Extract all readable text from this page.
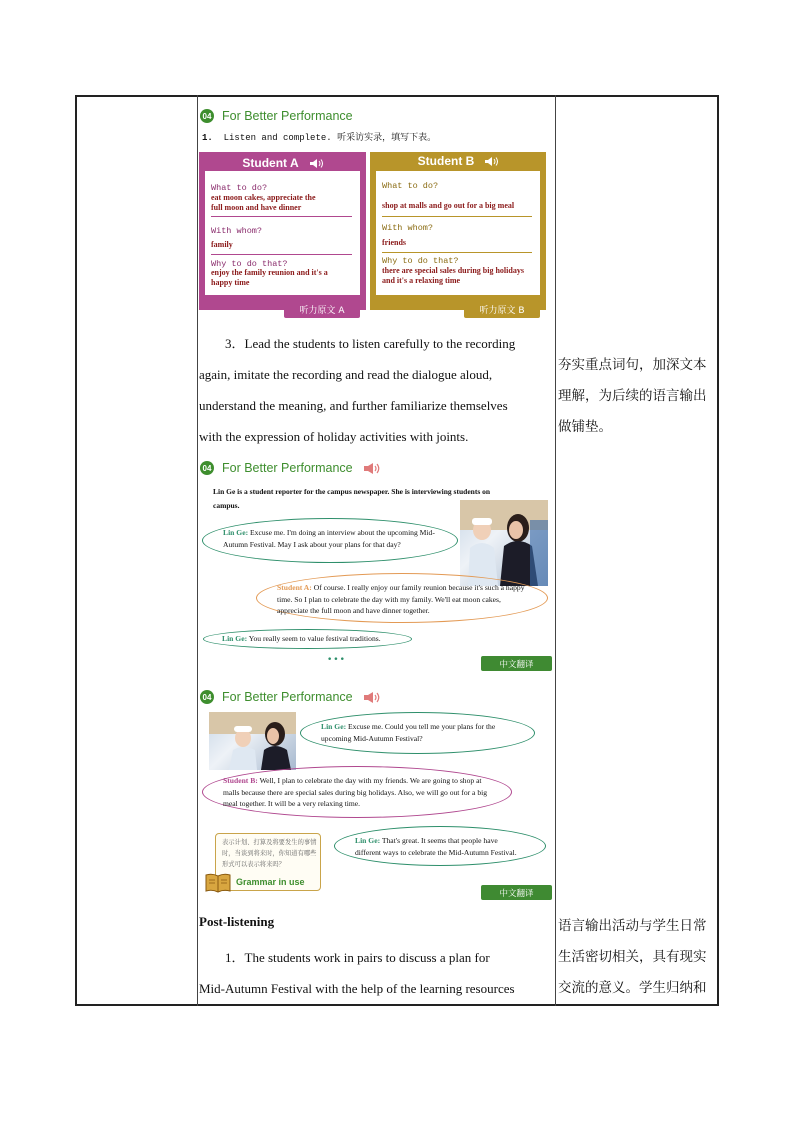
04 For Better Performance
1. Listen and complete. 听采访实录，填写下表。
Student A
What to do?
eat moon cakes, appreciate the
full moon and have dinner
With whom?
family
Why to do that?
enjoy the family reunion and it's a
happy time
听力原文 A
Student B
What to do?
shop at malls and go out for a big meal
With whom?
friends
Why to do that?
there are special sales during big holidays
and it's a relaxing time
听力原文 B
3．Lead the students to listen carefully to the recording
again, imitate the recording and read the dialogue aloud,
understand the meaning, and further familiarize themselves
with the expression of holiday activities with joints.
夯实重点词句，加深文本
理解，为后续的语言输出
做铺垫。
04 For Better Performance
Lin Ge is a student reporter for the campus newspaper. She is interviewing students on
campus.
Lin Ge: Excuse me. I'm doing an interview about the upcoming Mid-Autumn Festival. May I ask about your plans for that day?
Student A: Of course. I really enjoy our family reunion because it's such a happy time. So I plan to celebrate the day with my family. We'll eat moon cakes, appreciate the full moon and have dinner together.
Lin Ge: You really seem to value festival traditions.
•••	中文翻译
04 For Better Performance
Lin Ge: Excuse me. Could you tell me your plans for the upcoming Mid-Autumn Festival?
Student B: Well, I plan to celebrate the day with my friends. We are going to shop at malls because there are special sales during big holidays. Also, we will go out for a big meal together. It will be a very relaxing time.
表示计划、打算及将要发生的事情时，当谈到将来时，你知道有哪些形式可以表示将来吗？
Grammar in use
Lin Ge: That's great. It seems that people have different ways to celebrate the Mid-Autumn Festival.
中文翻译
Post-listening
1．The students work in pairs to discuss a plan for
Mid-Autumn Festival with the help of the learning resources
语言输出活动与学生日常
生活密切相关，具有现实
交流的意义。学生归纳和
